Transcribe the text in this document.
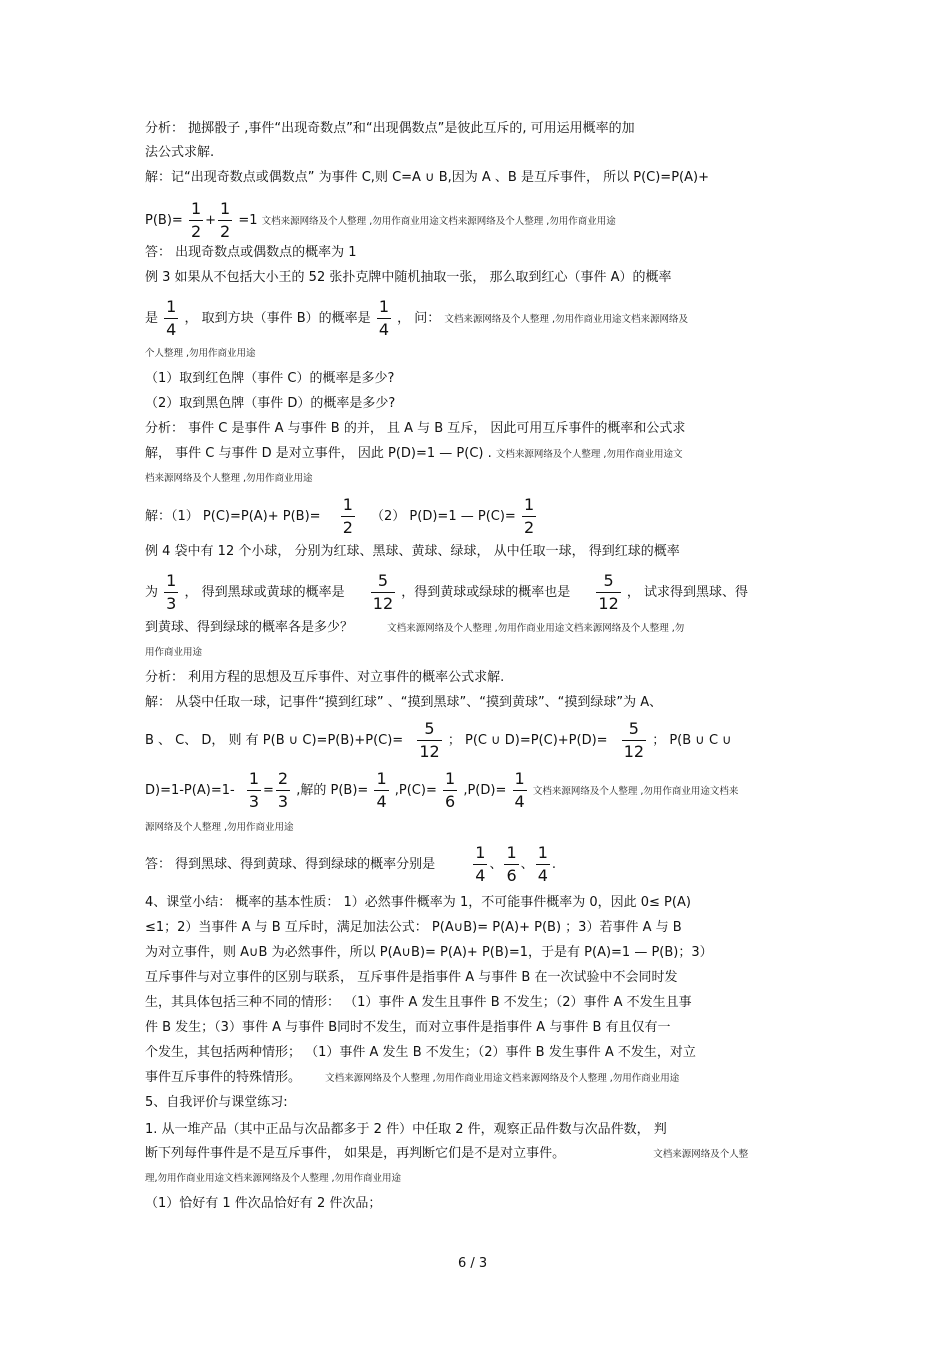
分析： 抛掷骰子 ,事件“出现奇数点”和“出现偶数点”是彼此互斥的, 可用运用概率的加
法公式求解.
解：记“出现奇数点或偶数点” 为事件 C,则 C=A ∪ B,因为 A 、B 是互斥事件， 所以 P(C)=P(A)+
$P(B)= \frac{1}{2} + \frac{1}{2} =1$ 文档来源网络及个人整理 ,勿用作商业用途文档来源网络及个人整理 ,勿用作商业用途
答： 出现奇数点或偶数点的概率为 1
例 3 如果从不包括大小王的 52 张扑克牌中随机抽取一张， 那么取到红心（事件 A）的概率
是 $\frac{1}{4}$ ， 取到方块（事件 B）的概率是 $\frac{1}{4}$ ， 问： 文档来源网络及个人整理 ,勿用作商业用途文档来源网络及
个人整理 ,勿用作商业用途
（1）取到红色牌（事件 C）的概率是多少?
（2）取到黑色牌（事件 D）的概率是多少?
分析： 事件 C 是事件 A 与事件 B 的并， 且 A 与 B 互斥， 因此可用互斥事件的概率和公式求
解， 事件 C 与事件 D 是对立事件， 因此 P(D)=1 — P(C) . 文档来源网络及个人整理 ,勿用作商业用途文
档来源网络及个人整理 ,勿用作商业用途
解：（1） $P(C)=P(A)+ P(B)= \frac{1}{2} (2)$ P(D)=1 — $P(C)= \frac{1}{2}$
例 4 袋中有 12 个小球， 分别为红球、黑球、黄球、绿球， 从中任取一球， 得到红球的概率
为 $\frac{1}{3}$ ， 得到黑球或黄球的概率是 $\frac{5}{12}$ ，得到黄球或绿球的概率也是 $\frac{5}{12}$ ， 试求得到黑球、得
到黄球、得到绿球的概率各是多少？	文档来源网络及个人整理 ,勿用作商业用途文档来源网络及个人整理 ,勿
用作商业用途
分析： 利用方程的思想及互斥事件、对立事件的概率公式求解.
解： 从袋中任取一球，记事件“摸到红球” 、“摸到黑球”、“摸到黄球”、“摸到绿球”为 A、
B 、 C、 D， 则 有 P(B ∪ $C)=P(B)+P(C)= \frac{5}{12}$ ； P(C ∪ $D)=P(C)+P(D)= \frac{5}{12}$ ； P(B ∪ C ∪
$D)=1-P(A)=1- \frac{1}{3} = \frac{2}{3}$ ,解的 $P(B)= \frac{1}{4} ,P(C)= \frac{1}{6} ,P(D)= \frac{1}{4}$ 文档来源网络及个人整理 ,勿用作商业用途文档来
源网络及个人整理 ,勿用作商业用途
答： 得到黑球、得到黄球、得到绿球的概率分别是 $\frac{1}{4}$ 、 $\frac{1}{6}$ 、 $\frac{1}{4}$ .
4、课堂小结： 概率的基本性质： 1）必然事件概率为 1，不可能事件概率为 0，因此 0≤ P(A)
≤1；2）当事件 A 与 B 互斥时，满足加法公式： P(A∪B)= P(A)+ P(B) ；3）若事件 A 与 B
为对立事件，则 A∪B 为必然事件，所以 P(A∪B)= P(A)+ P(B)=1，于是有 P(A)=1 — P(B)；3）
互斥事件与对立事件的区别与联系， 互斥事件是指事件 A 与事件 B 在一次试验中不会同时发
生，其具体包括三种不同的情形： （1）事件 A 发生且事件 B 不发生；（2）事件 A 不发生且事
件 B 发生；（3）事件 A 与事件 B同时不发生，而对立事件是指事件 A 与事件 B 有且仅有一
个发生，其包括两种情形； （1）事件 A 发生 B 不发生；（2）事件 B 发生事件 A 不发生，对立
事件互斥事件的特殊情形。	文档来源网络及个人整理 ,勿用作商业用途文档来源网络及个人整理 ,勿用作商业用途
5、自我评价与课堂练习:
1. 从一堆产品（其中正品与次品都多于 2 件）中任取 2 件，观察正品件数与次品件数， 判
断下列每件事件是不是互斥事件， 如果是，再判断它们是不是对立事件。	文档来源网络及个人整
理,勿用作商业用途文档来源网络及个人整理 ,勿用作商业用途
（1）恰好有 1 件次品恰好有 2 件次品；
6 / 3
